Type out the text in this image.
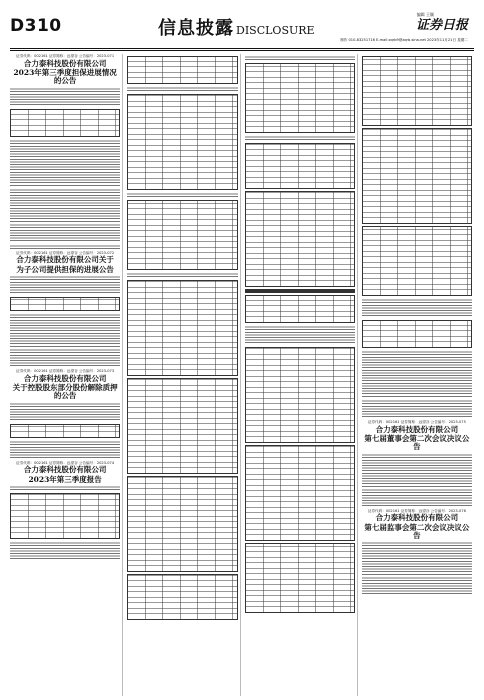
D310	信息披露 DISCLOSURE
编辑 王颖
证券日报
制作 010-83251716 E-mail:zqrb9@zqrb.sina.net 2023年11月21日 星期二
证券代码：002161 证券简称：远望谷 公告编号：2023-071
合力泰科技股份有限公司
2023年第三季度担保进展情况的公告
证券代码：002161 证券简称：远望谷 公告编号：2023-072
合力泰科技股份有限公司关于
为子公司提供担保的进展公告
证券代码：002161 证券简称：远望谷 公告编号：2023-073
合力泰科技股份有限公司
关于控股股东部分股份解除质押的公告
证券代码：002161 证券简称：远望谷 公告编号：2023-074
合力泰科技股份有限公司
2023年第三季度报告
证券代码：002161 证券简称：远望谷 公告编号：2023-075
合力泰科技股份有限公司
第七届董事会第二次会议决议公告
证券代码：002161 证券简称：远望谷 公告编号：2023-076
合力泰科技股份有限公司
第七届监事会第二次会议决议公告
